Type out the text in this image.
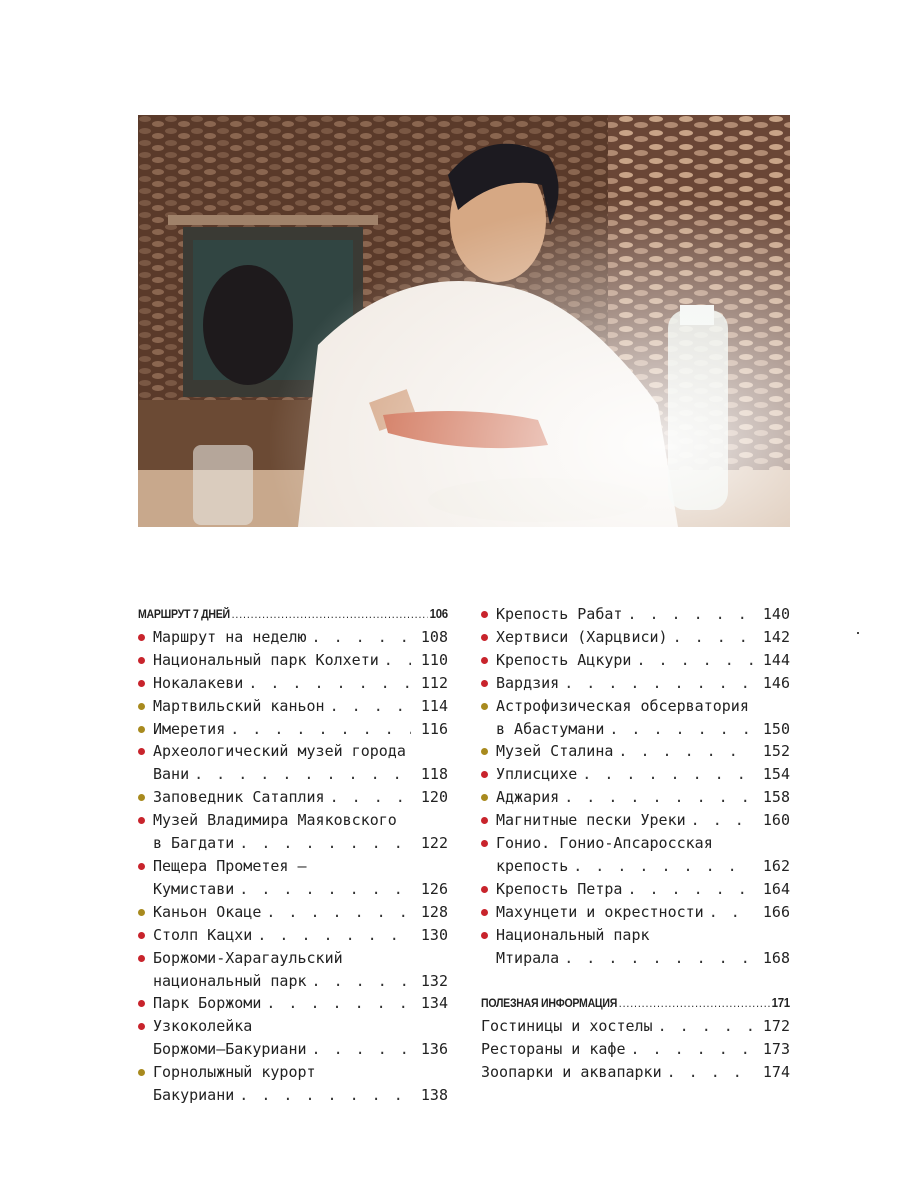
МАРШРУТ 7 ДНЕЙ .....	106
Маршрут на неделю . . .	108
Национальный парк Колхети . . .	110
Нокалакеви . . .	112
Мартвильский каньон . . .	114
Имеретия . . .	116
Археологический музей города
Вани . . .	118
Заповедник Сатаплия . . .	120
Музей Владимира Маяковского
в Багдати . . .	122
Пещера Прометея —
Кумистави . . .	126
Каньон Окаце . . .	128
Столп Кацхи . . .	130
Боржоми-Харагаульский
национальный парк . . .	132
Парк Боржоми . . .	134
Узкоколейка
Боржоми–Бакуриани . . .	136
Горнолыжный курорт
Бакуриани . . .	138
Крепость Рабат . . .	140
Хертвиси (Харцвиси) . . .	142
Крепость Ацкури . . .	144
Вардзия . . .	146
Астрофизическая обсерватория
в Абастумани . . .	150
Музей Сталина . . .	152
Уплисцихе . . .	154
Аджария . . .	158
Магнитные пески Уреки . . .	160
Гонио. Гонио-Апсаросская
крепость . . .	162
Крепость Петра . . .	164
Махунцети и окрестности . . .	166
Национальный парк
Мтирала . . .	168
ПОЛЕЗНАЯ ИНФОРМАЦИЯ .....	171
Гостиницы и хостелы . . .	172
Рестораны и кафе . . .	173
Зоопарки и аквапарки . . .	174
